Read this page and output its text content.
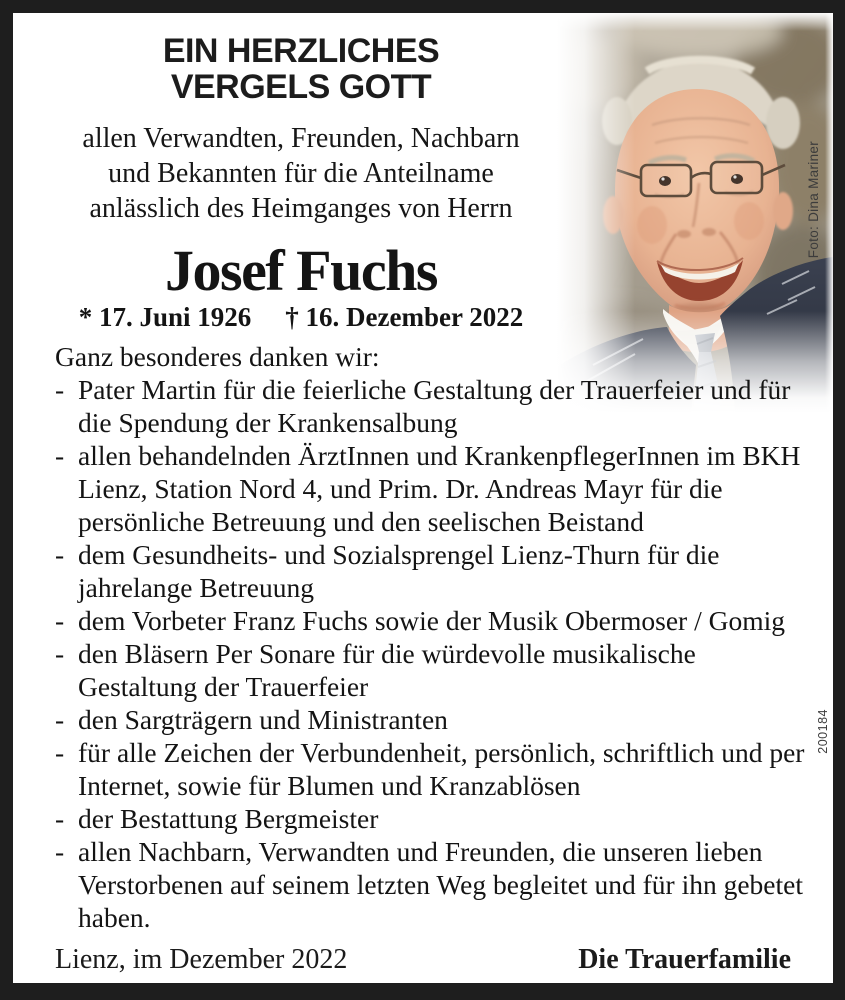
EIN HERZLICHES
VERGELS GOTT
allen Verwandten, Freunden, Nachbarn
und Bekannten für die Anteilname
anlässlich des Heimganges von Herrn
Josef Fuchs
* 17. Juni 1926 † 16. Dezember 2022
Foto: Dina Mariner
Ganz besonderes danken wir:
- Pater Martin für die feierliche Gestaltung der Trauerfeier und für die Spendung der Krankensalbung
- allen behandelnden ÄrztInnen und KrankenpflegerInnen im BKH Lienz, Station Nord 4, und Prim. Dr. Andreas Mayr für die persönliche Betreuung und den seelischen Beistand
- dem Gesundheits- und Sozialsprengel Lienz-Thurn für die jahrelange Betreuung
- dem Vorbeter Franz Fuchs sowie der Musik Obermoser / Gomig
- den Bläsern Per Sonare für die würdevolle musikalische Gestaltung der Trauerfeier
- den Sargträgern und Ministranten
- für alle Zeichen der Verbundenheit, persönlich, schriftlich und per Internet, sowie für Blumen und Kranzablösen
- der Bestattung Bergmeister
- allen Nachbarn, Verwandten und Freunden, die unseren lieben Verstorbenen auf seinem letzten Weg begleitet und für ihn gebetet haben.
Lienz, im Dezember 2022	Die Trauerfamilie
200184
